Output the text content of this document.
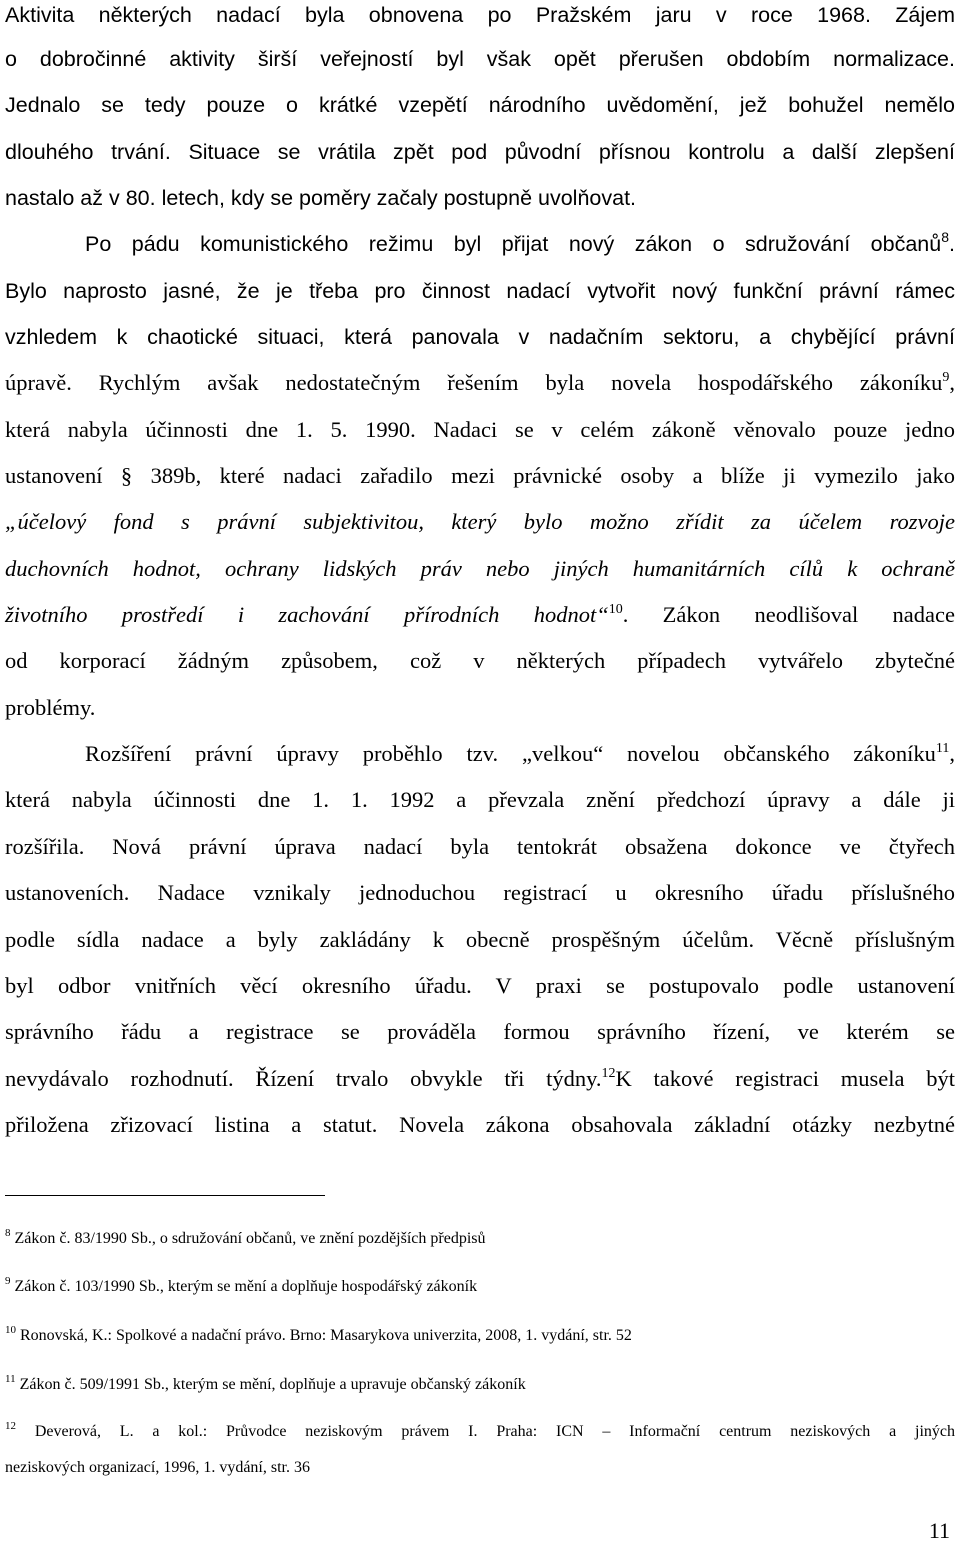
Aktivita některých nadací byla obnovena po Pražském jaru v roce 1968. Zájem
o dobročinné aktivity širší veřejností byl však opět přerušen obdobím normalizace.
Jednalo se tedy pouze o krátké vzepětí národního uvědomění, jež bohužel nemělo
dlouhého trvání. Situace se vrátila zpět pod původní přísnou kontrolu a další zlepšení
nastalo až v 80. letech, kdy se poměry začaly postupně uvolňovat.
Po pádu komunistického režimu byl přijat nový zákon o sdružování občanů$^8$.
Bylo naprosto jasné, že je třeba pro činnost nadací vytvořit nový funkční právní rámec
vzhledem k chaotické situaci, která panovala v nadačním sektoru, a chybějící právní
úpravě. Rychlým avšak nedostatečným řešením byla novela hospodářského zákoníku$^9$,
která nabyla účinnosti dne 1. 5. 1990. Nadaci se v celém zákoně věnovalo pouze jedno
ustanovení § 389b, které nadaci zařadilo mezi právnické osoby a blíže ji vymezilo jako
„účelový fond s právní subjektivitou, který bylo možno zřídit za účelem rozvoje
duchovních hodnot, ochrany lidských práv nebo jiných humanitárních cílů k ochraně
životního prostředí i zachování přírodních hodnot“$^{10}$. Zákon neodlišoval nadace
od korporací žádným způsobem, což v některých případech vytvářelo zbytečné
problémy.
Rozšíření právní úpravy proběhlo tzv. „velkou“ novelou občanského zákoníku$^{11}$,
která nabyla účinnosti dne 1. 1. 1992 a převzala znění předchozí úpravy a dále ji
rozšířila. Nová právní úprava nadací byla tentokrát obsažena dokonce ve čtyřech
ustanoveních. Nadace vznikaly jednoduchou registrací u okresního úřadu příslušného
podle sídla nadace a byly zakládány k obecně prospěšným účelům. Věcně příslušným
byl odbor vnitřních věcí okresního úřadu. V praxi se postupovalo podle ustanovení
správního řádu a registrace se prováděla formou správního řízení, ve kterém se
nevydávalo rozhodnutí. Řízení trvalo obvykle tři týdny.$^{12}$K takové registraci musela být
přiložena zřizovací listina a statut. Novela zákona obsahovala základní otázky nezbytné
$^8$ Zákon č. 83/1990 Sb., o sdružování občanů, ve znění pozdějších předpisů
$^9$ Zákon č. 103/1990 Sb., kterým se mění a doplňuje hospodářský zákoník
$^{10}$ Ronovská, K.: Spolkové a nadační právo. Brno: Masarykova univerzita, 2008, 1. vydání, str. 52
$^{11}$ Zákon č. 509/1991 Sb., kterým se mění, doplňuje a upravuje občanský zákoník
$^{12}$ Deverová, L. a kol.: Průvodce neziskovým právem I. Praha: ICN – Informační centrum neziskových a jiných
neziskových organizací, 1996, 1. vydání, str. 36
11
